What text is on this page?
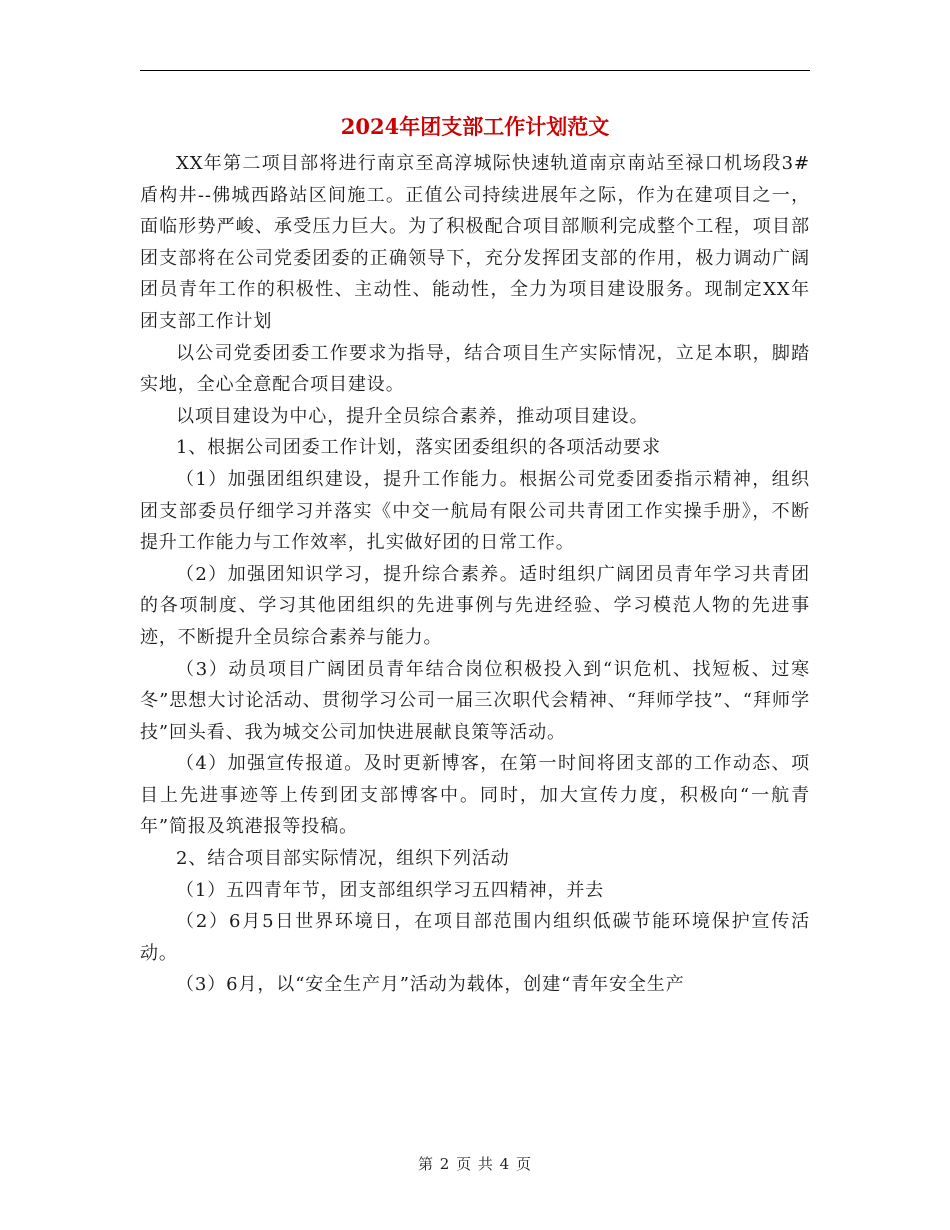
2024年团支部工作计划范文

XX年第二项目部将进行南京至高淳城际快速轨道南京南站至禄口机场段3#盾构井--佛城西路站区间施工。正值公司持续进展年之际，作为在建项目之一，面临形势严峻、承受压力巨大。为了积极配合项目部顺利完成整个工程，项目部团支部将在公司党委团委的正确领导下，充分发挥团支部的作用，极力调动广阔团员青年工作的积极性、主动性、能动性，全力为项目建设服务。现制定XX年团支部工作计划

以公司党委团委工作要求为指导，结合项目生产实际情况，立足本职，脚踏实地，全心全意配合项目建设。

以项目建设为中心，提升全员综合素养，推动项目建设。

1、根据公司团委工作计划，落实团委组织的各项活动要求

（1）加强团组织建设，提升工作能力。根据公司党委团委指示精神，组织团支部委员仔细学习并落实《中交一航局有限公司共青团工作实操手册》，不断提升工作能力与工作效率，扎实做好团的日常工作。

（2）加强团知识学习，提升综合素养。适时组织广阔团员青年学习共青团的各项制度、学习其他团组织的先进事例与先进经验、学习模范人物的先进事迹，不断提升全员综合素养与能力。

（3）动员项目广阔团员青年结合岗位积极投入到“识危机、找短板、过寒冬”思想大讨论活动、贯彻学习公司一届三次职代会精神、“拜师学技”、“拜师学技”回头看、我为城交公司加快进展献良策等活动。

（4）加强宣传报道。及时更新博客，在第一时间将团支部的工作动态、项目上先进事迹等上传到团支部博客中。同时，加大宣传力度，积极向“一航青年”简报及筑港报等投稿。

2、结合项目部实际情况，组织下列活动

（1）五四青年节，团支部组织学习五四精神，并去

（2）6月5日世界环境日，在项目部范围内组织低碳节能环境保护宣传活动。

（3）6月，以“安全生产月”活动为载体，创建“青年安全生产

第 2 页 共 4 页
